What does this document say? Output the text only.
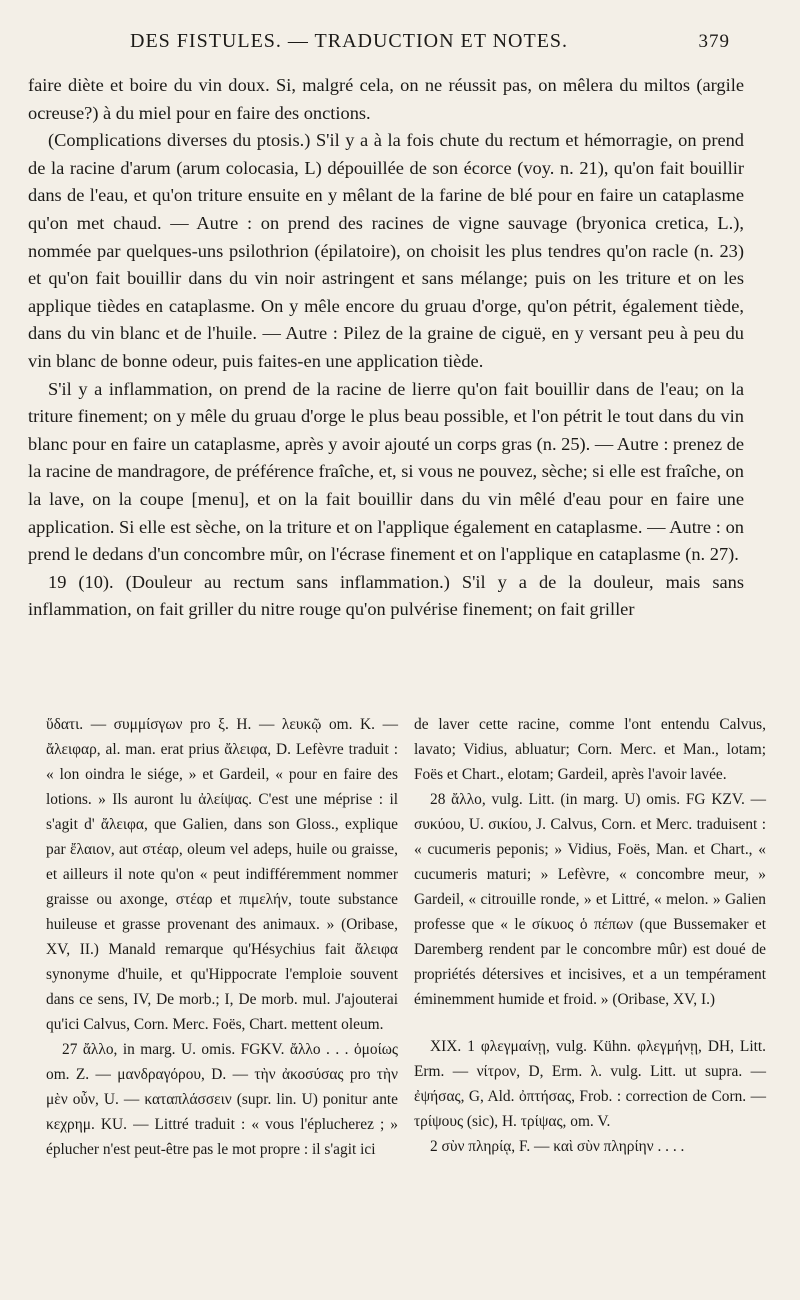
DES FISTULES. — TRADUCTION ET NOTES.	379

faire diète et boire du vin doux. Si, malgré cela, on ne réussit pas, on mêlera du miltos (argile ocreuse?) à du miel pour en faire des onctions.

(Complications diverses du ptosis.) S'il y a à la fois chute du rectum et hémorragie, on prend de la racine d'arum (arum colocasia, L) dépouillée de son écorce (voy. n. 21), qu'on fait bouillir dans de l'eau, et qu'on triture ensuite en y mêlant de la farine de blé pour en faire un cataplasme qu'on met chaud. — Autre : on prend des racines de vigne sauvage (bryonica cretica, L.), nommée par quelques-uns psilothrion (épilatoire), on choisit les plus tendres qu'on racle (n. 23) et qu'on fait bouillir dans du vin noir astringent et sans mélange; puis on les triture et on les applique tièdes en cataplasme. On y mêle encore du gruau d'orge, qu'on pétrit, également tiède, dans du vin blanc et de l'huile. — Autre : Pilez de la graine de ciguë, en y versant peu à peu du vin blanc de bonne odeur, puis faites-en une application tiède.

S'il y a inflammation, on prend de la racine de lierre qu'on fait bouillir dans de l'eau; on la triture finement; on y mêle du gruau d'orge le plus beau possible, et l'on pétrit le tout dans du vin blanc pour en faire un cataplasme, après y avoir ajouté un corps gras (n. 25). — Autre : prenez de la racine de mandragore, de préférence fraîche, et, si vous ne pouvez, sèche; si elle est fraîche, on la lave, on la coupe [menu], et on la fait bouillir dans du vin mêlé d'eau pour en faire une application. Si elle est sèche, on la triture et on l'applique également en cataplasme. — Autre : on prend le dedans d'un concombre mûr, on l'écrase finement et on l'applique en cataplasme (n. 27).

19 (10). (Douleur au rectum sans inflammation.) S'il y a de la douleur, mais sans inflammation, on fait griller du nitre rouge qu'on pulvérise finement; on fait griller

ὕδατι. — συμμίσγων pro ξ. H. — λευκῷ om. K. — ἄλειφαρ, al. man. erat prius ἄλειφα, D. Lefèvre traduit : « lon oindra le siége, » et Gardeil, « pour en faire des lotions. » Ils auront lu ἀλείψας. C'est une méprise : il s'agit d' ἄλειφα, que Galien, dans son Gloss., explique par ἔλαιον, aut στέαρ, oleum vel adeps, huile ou graisse, et ailleurs il note qu'on « peut indifféremment nommer graisse ou axonge, στέαρ et πιμελήν, toute substance huileuse et grasse provenant des animaux. » (Oribase, XV, II.) Manald remarque qu'Hésychius fait ἄλειφα synonyme d'huile, et qu'Hippocrate l'emploie souvent dans ce sens, IV, De morb.; I, De morb. mul. J'ajouterai qu'ici Calvus, Corn. Merc. Foës, Chart. mettent oleum.

27 ἄλλο, in marg. U. omis. FGKV. ἄλλο . . . ὁμοίως om. Z. — μανδραγόρου, D. — τὴν ἀκοσύσας pro τὴν μὲν οὖν, U. — καταπλάσσειν (supr. lin. U) ponitur ante κεχρημ. KU. — Littré traduit : « vous l'éplucherez ; » éplucher n'est peut-être pas le mot propre : il s'agit ici

de laver cette racine, comme l'ont entendu Calvus, lavato; Vidius, abluatur; Corn. Merc. et Man., lotam; Foës et Chart., elotam; Gardeil, après l'avoir lavée.

28 ἄλλο, vulg. Litt. (in marg. U) omis. FG KZV. — συκύου, U. σικίου, J. Calvus, Corn. et Merc. traduisent : « cucumeris peponis; » Vidius, Foës, Man. et Chart., « cucumeris maturi; » Lefèvre, « concombre meur, » Gardeil, « citrouille ronde, » et Littré, « melon. » Galien professe que « le σίκυος ὁ πέπων (que Bussemaker et Daremberg rendent par le concombre mûr) est doué de propriétés détersives et incisives, et a un tempérament éminemment humide et froid. » (Oribase, XV, I.)

XIX. 1 φλεγμαίνῃ, vulg. Kühn. φλεγμήνῃ, DH, Litt. Erm. — νίτρον, D, Erm. λ. vulg. Litt. ut supra. — ἐψήσας, G, Ald. ὀπτήσας, Frob. : correction de Corn. — τρίψους (sic), H. τρίψας, om. V.

2 σὺν πληρίᾳ, F. — καὶ σὺν πληρίην . . . .
